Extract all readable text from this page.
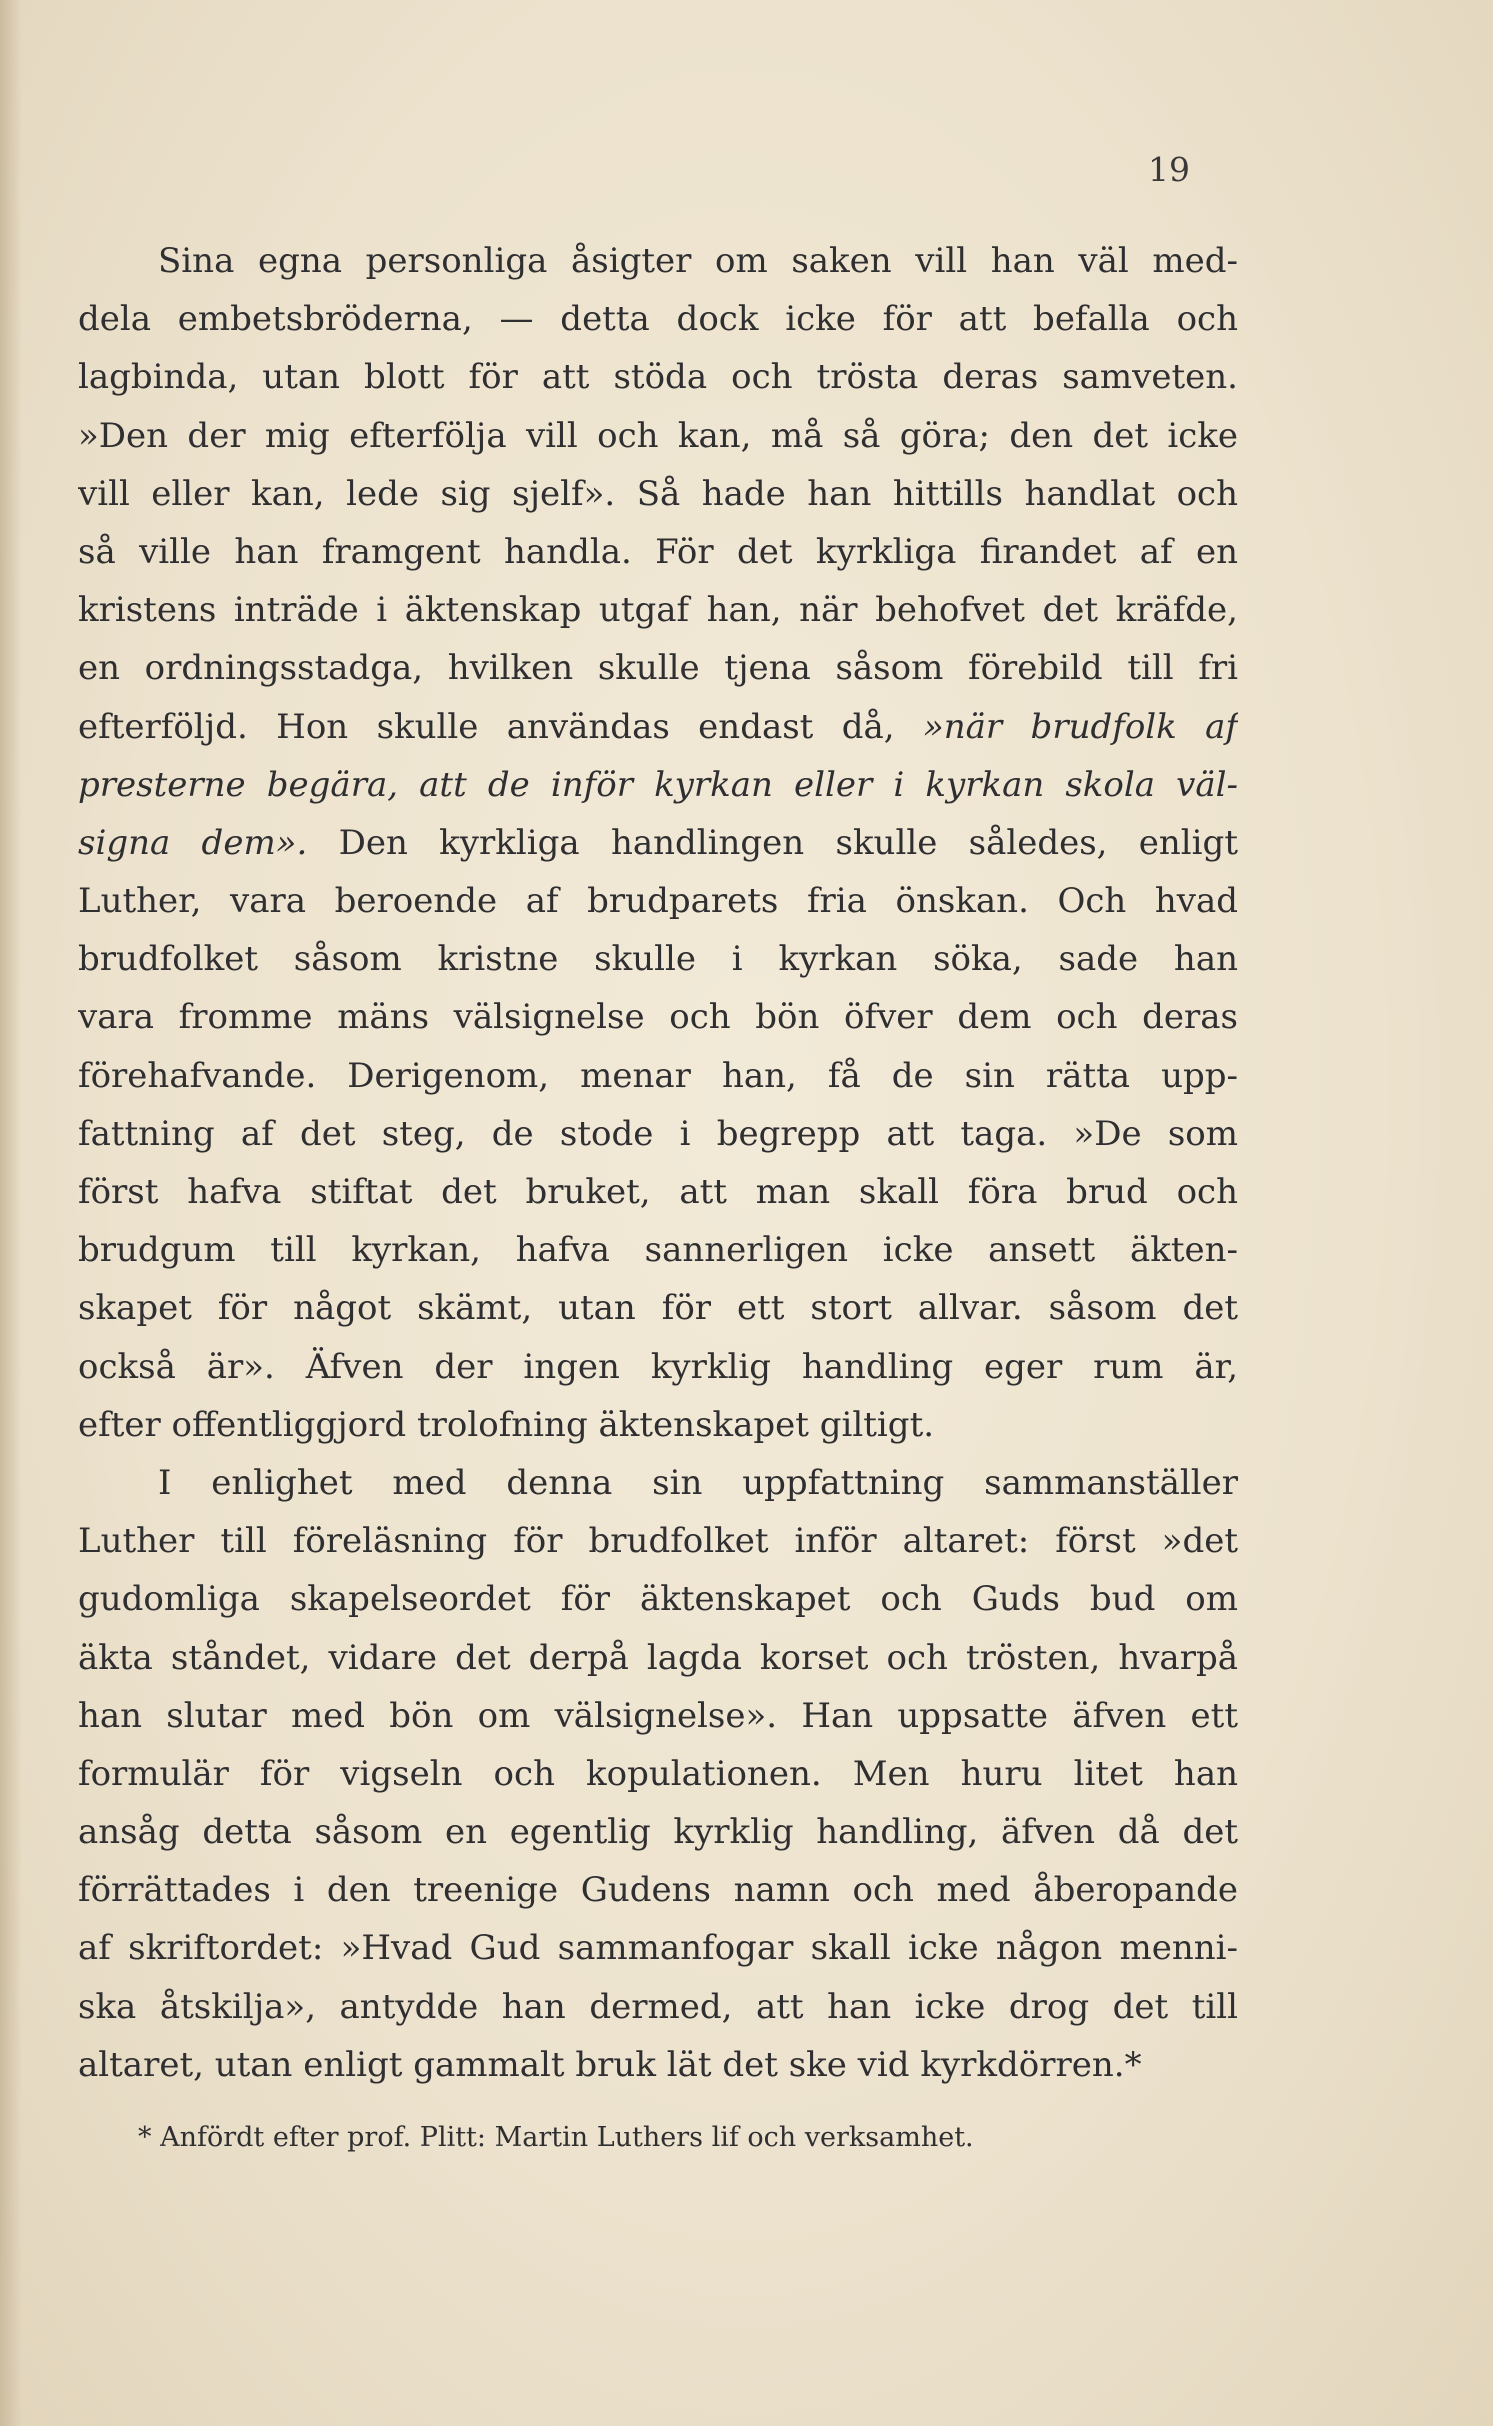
19
Sina egna personliga åsigter om saken vill han väl med-
dela embetsbröderna, — detta dock icke för att befalla och
lagbinda, utan blott för att stöda och trösta deras samveten.
»Den der mig efterfölja vill och kan, må så göra; den det icke
vill eller kan, lede sig sjelf». Så hade han hittills handlat och
så ville han framgent handla. För det kyrkliga firandet af en
kristens inträde i äktenskap utgaf han, när behofvet det kräfde,
en ordningsstadga, hvilken skulle tjena såsom förebild till fri
efterföljd. Hon skulle användas endast då, »när brudfolk af
presterne begära, att de inför kyrkan eller i kyrkan skola väl-
signa dem». Den kyrkliga handlingen skulle således, enligt
Luther, vara beroende af brudparets fria önskan. Och hvad
brudfolket såsom kristne skulle i kyrkan söka, sade han
vara fromme mäns välsignelse och bön öfver dem och deras
förehafvande. Derigenom, menar han, få de sin rätta upp-
fattning af det steg, de stode i begrepp att taga. »De som
först hafva stiftat det bruket, att man skall föra brud och
brudgum till kyrkan, hafva sannerligen icke ansett äkten-
skapet för något skämt, utan för ett stort allvar. såsom det
också är». Äfven der ingen kyrklig handling eger rum är,
efter offentliggjord trolofning äktenskapet giltigt.
I enlighet med denna sin uppfattning sammanställer
Luther till föreläsning för brudfolket inför altaret: först »det
gudomliga skapelseordet för äktenskapet och Guds bud om
äkta ståndet, vidare det derpå lagda korset och trösten, hvarpå
han slutar med bön om välsignelse». Han uppsatte äfven ett
formulär för vigseln och kopulationen. Men huru litet han
ansåg detta såsom en egentlig kyrklig handling, äfven då det
förrättades i den treenige Gudens namn och med åberopande
af skriftordet: »Hvad Gud sammanfogar skall icke någon menni-
ska åtskilja», antydde han dermed, att han icke drog det till
altaret, utan enligt gammalt bruk lät det ske vid kyrkdörren.*
* Anfördt efter prof. Plitt: Martin Luthers lif och verksamhet.
